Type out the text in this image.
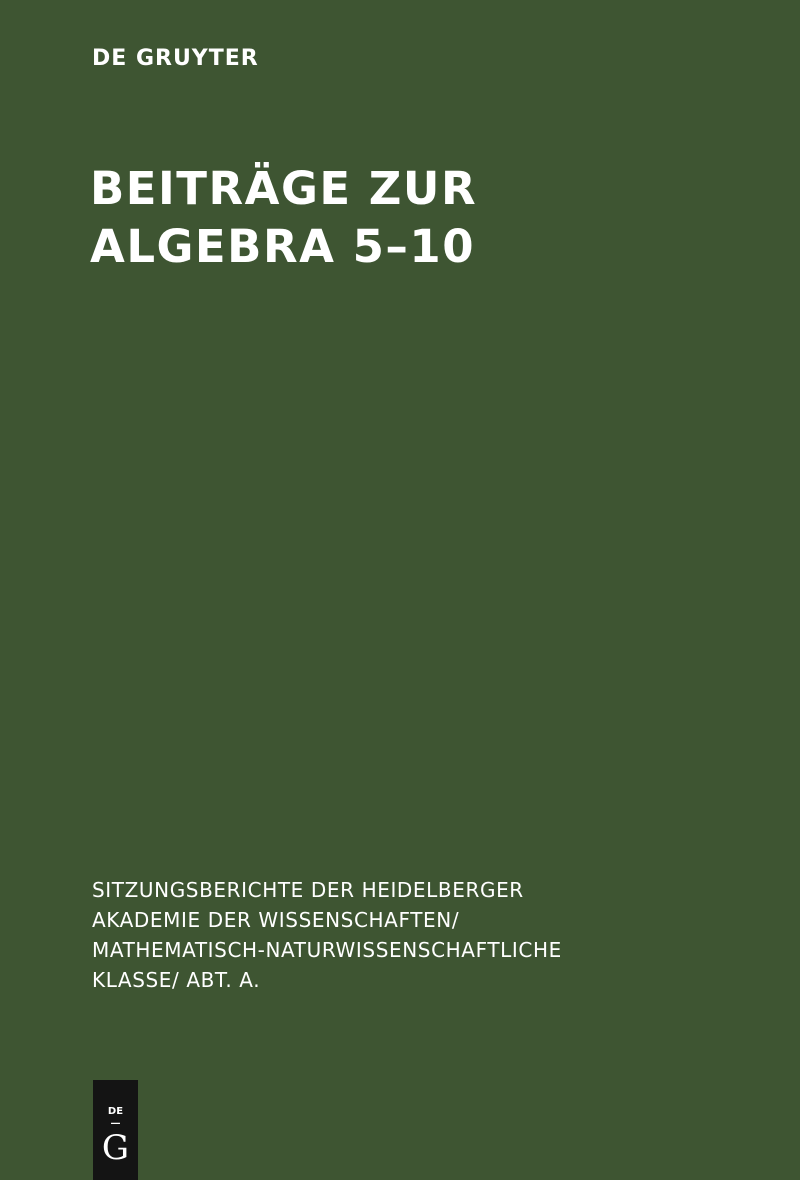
DE GRUYTER
BEITRÄGE ZUR
ALGEBRA 5–10
SITZUNGSBERICHTE DER HEIDELBERGER
AKADEMIE DER WISSENSCHAFTEN/
MATHEMATISCH-NATURWISSENSCHAFTLICHE
KLASSE/ ABT. A.
DE
—
G
